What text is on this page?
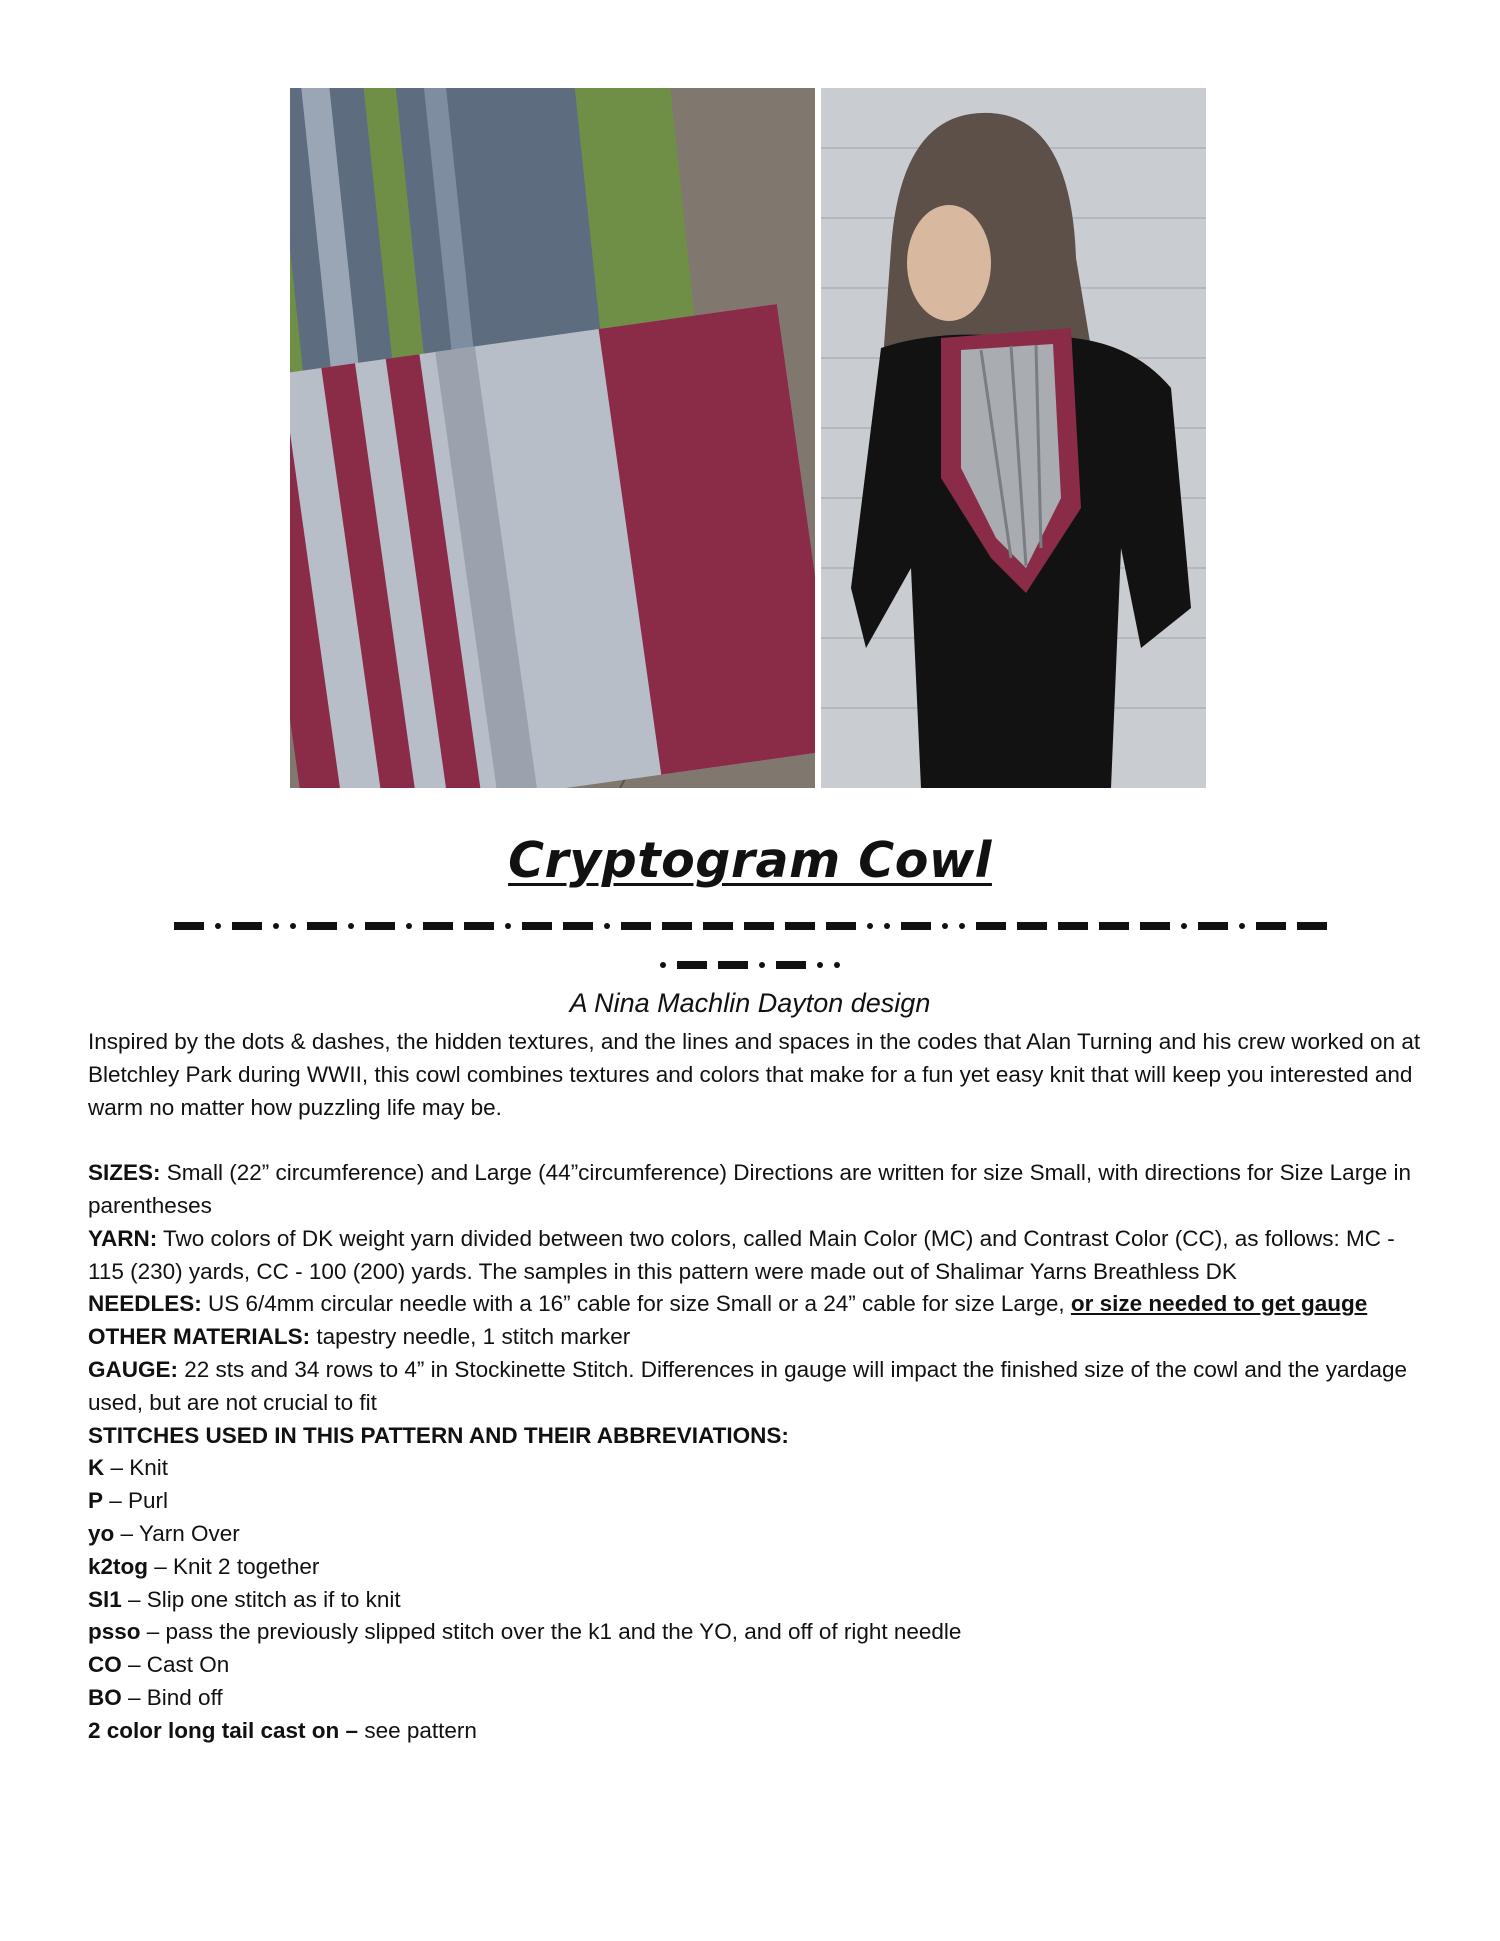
Cryptogram Cowl
A Nina Machlin Dayton design

Inspired by the dots & dashes, the hidden textures, and the lines and spaces in the codes that Alan Turning and his crew worked on at Bletchley Park during WWII, this cowl combines textures and colors that make for a fun yet easy knit that will keep you interested and warm no matter how puzzling life may be.

SIZES: Small (22” circumference) and Large (44”circumference) Directions are written for size Small, with directions for Size Large in parentheses

YARN: Two colors of DK weight yarn divided between two colors, called Main Color (MC) and Contrast Color (CC), as follows: MC - 115 (230) yards, CC - 100 (200) yards. The samples in this pattern were made out of Shalimar Yarns Breathless DK

NEEDLES: US 6/4mm circular needle with a 16” cable for size Small or a 24” cable for size Large, or size needed to get gauge

OTHER MATERIALS: tapestry needle, 1 stitch marker

GAUGE: 22 sts and 34 rows to 4” in Stockinette Stitch. Differences in gauge will impact the finished size of the cowl and the yardage used, but are not crucial to fit

STITCHES USED IN THIS PATTERN AND THEIR ABBREVIATIONS:

K – Knit

P – Purl

yo – Yarn Over

k2tog – Knit 2 together

Sl1 – Slip one stitch as if to knit

psso – pass the previously slipped stitch over the k1 and the YO, and off of right needle

CO – Cast On

BO – Bind off

2 color long tail cast on – see pattern
